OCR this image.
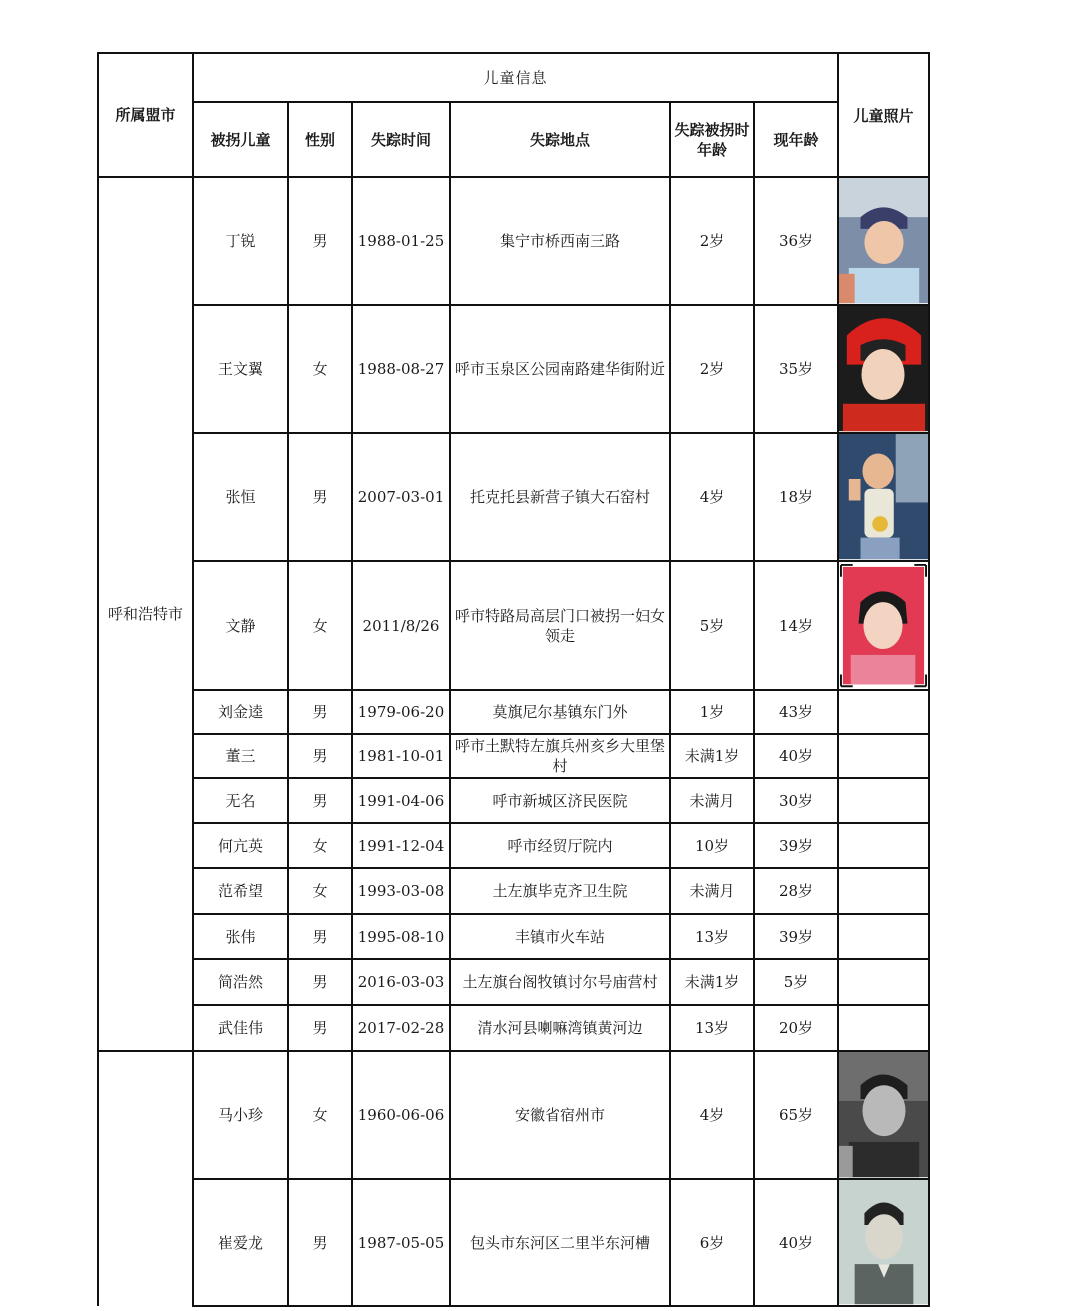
所属盟市	儿童信息						儿童照片
	被拐儿童	性别	失踪时间	失踪地点	失踪被拐时年龄	现年龄	
呼和浩特市	丁锐	男	1988-01-25	集宁市桥西南三路	2岁	36岁	

	王文翼	女	1988-08-27	呼市玉泉区公园南路建华街附近	2岁	35岁	

	张恒	男	2007-03-01	托克托县新营子镇大石窑村	4岁	18岁	

	文静	女	2011/8/26	呼市特路局高层门口被拐一妇女领走	5岁	14岁	

	刘金逵	男	1979-06-20	莫旗尼尔基镇东门外	1岁	43岁	
	董三	男	1981-10-01	呼市土默特左旗兵州亥乡大里堡村	未满1岁	40岁	
	无名	男	1991-04-06	呼市新城区济民医院	未满月	30岁	
	何亢英	女	1991-12-04	呼市经贸厅院内	10岁	39岁	
	范希望	女	1993-03-08	土左旗毕克齐卫生院	未满月	28岁	
	张伟	男	1995-08-10	丰镇市火车站	13岁	39岁	
	简浩然	男	2016-03-03	土左旗台阁牧镇讨尔号庙营村	未满1岁	5岁	
	武佳伟	男	2017-02-28	清水河县喇嘛湾镇黄河边	13岁	20岁	
	马小珍	女	1960-06-06	安徽省宿州市	4岁	65岁	

	崔爱龙	男	1987-05-05	包头市东河区二里半东河槽	6岁	40岁	
